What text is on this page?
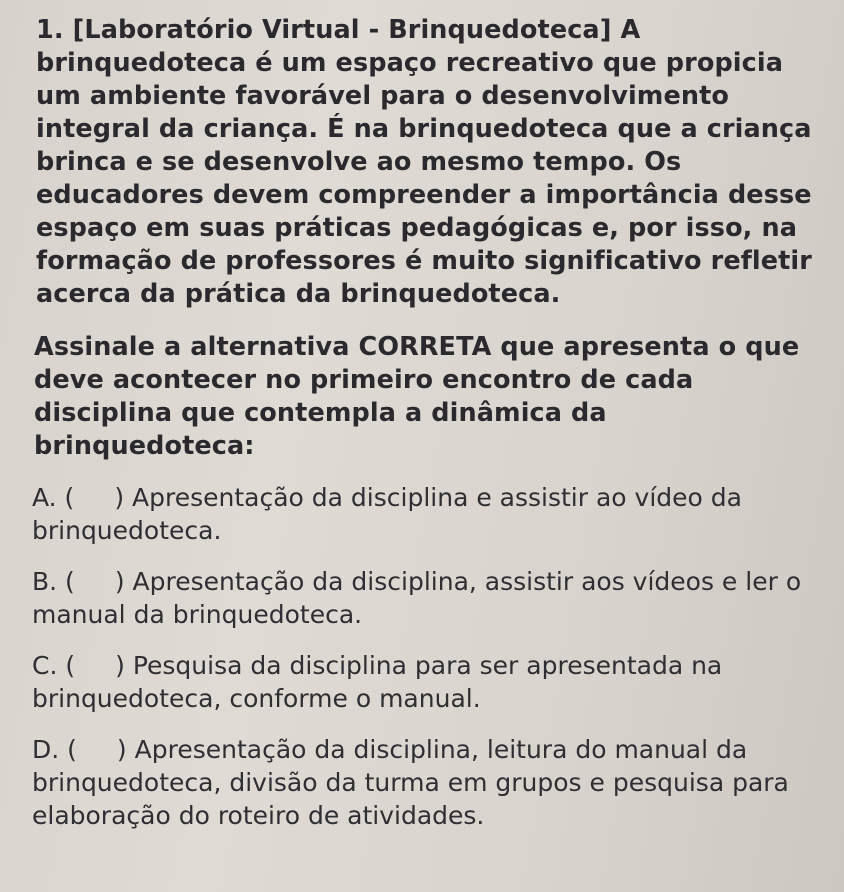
1. [Laboratório Virtual - Brinquedoteca] A brinquedoteca é um espaço recreativo que propicia um ambiente favorável para o desenvolvimento integral da criança. É na brinquedoteca que a criança brinca e se desenvolve ao mesmo tempo. Os educadores devem compreender a importância desse espaço em suas práticas pedagógicas e, por isso, na formação de professores é muito significativo refletir acerca da prática da brinquedoteca.

Assinale a alternativa CORRETA que apresenta o que deve acontecer no primeiro encontro de cada disciplina que contempla a dinâmica da brinquedoteca:

A. ( ) Apresentação da disciplina e assistir ao vídeo da brinquedoteca.
B. ( ) Apresentação da disciplina, assistir aos vídeos e ler o manual da brinquedoteca.
C. ( ) Pesquisa da disciplina para ser apresentada na brinquedoteca, conforme o manual.
D. ( ) Apresentação da disciplina, leitura do manual da brinquedoteca, divisão da turma em grupos e pesquisa para elaboração do roteiro de atividades.
